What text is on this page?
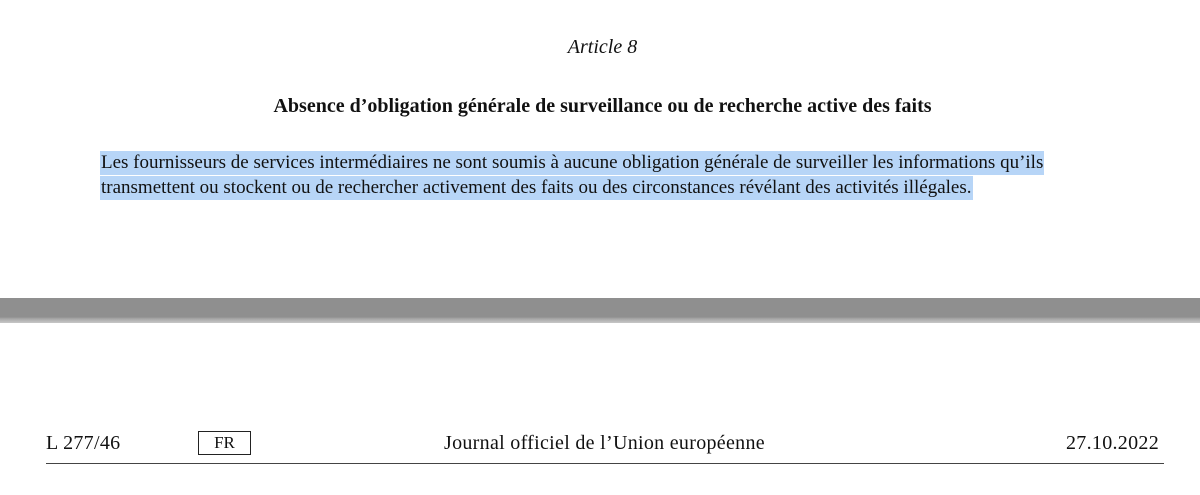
Article 8
Absence d’obligation générale de surveillance ou de recherche active des faits
Les fournisseurs de services intermédiaires ne sont soumis à aucune obligation générale de surveiller les informations qu’ils
transmettent ou stockent ou de rechercher activement des faits ou des circonstances révélant des activités illégales.
L 277/46	FR	Journal officiel de l’Union européenne	27.10.2022
